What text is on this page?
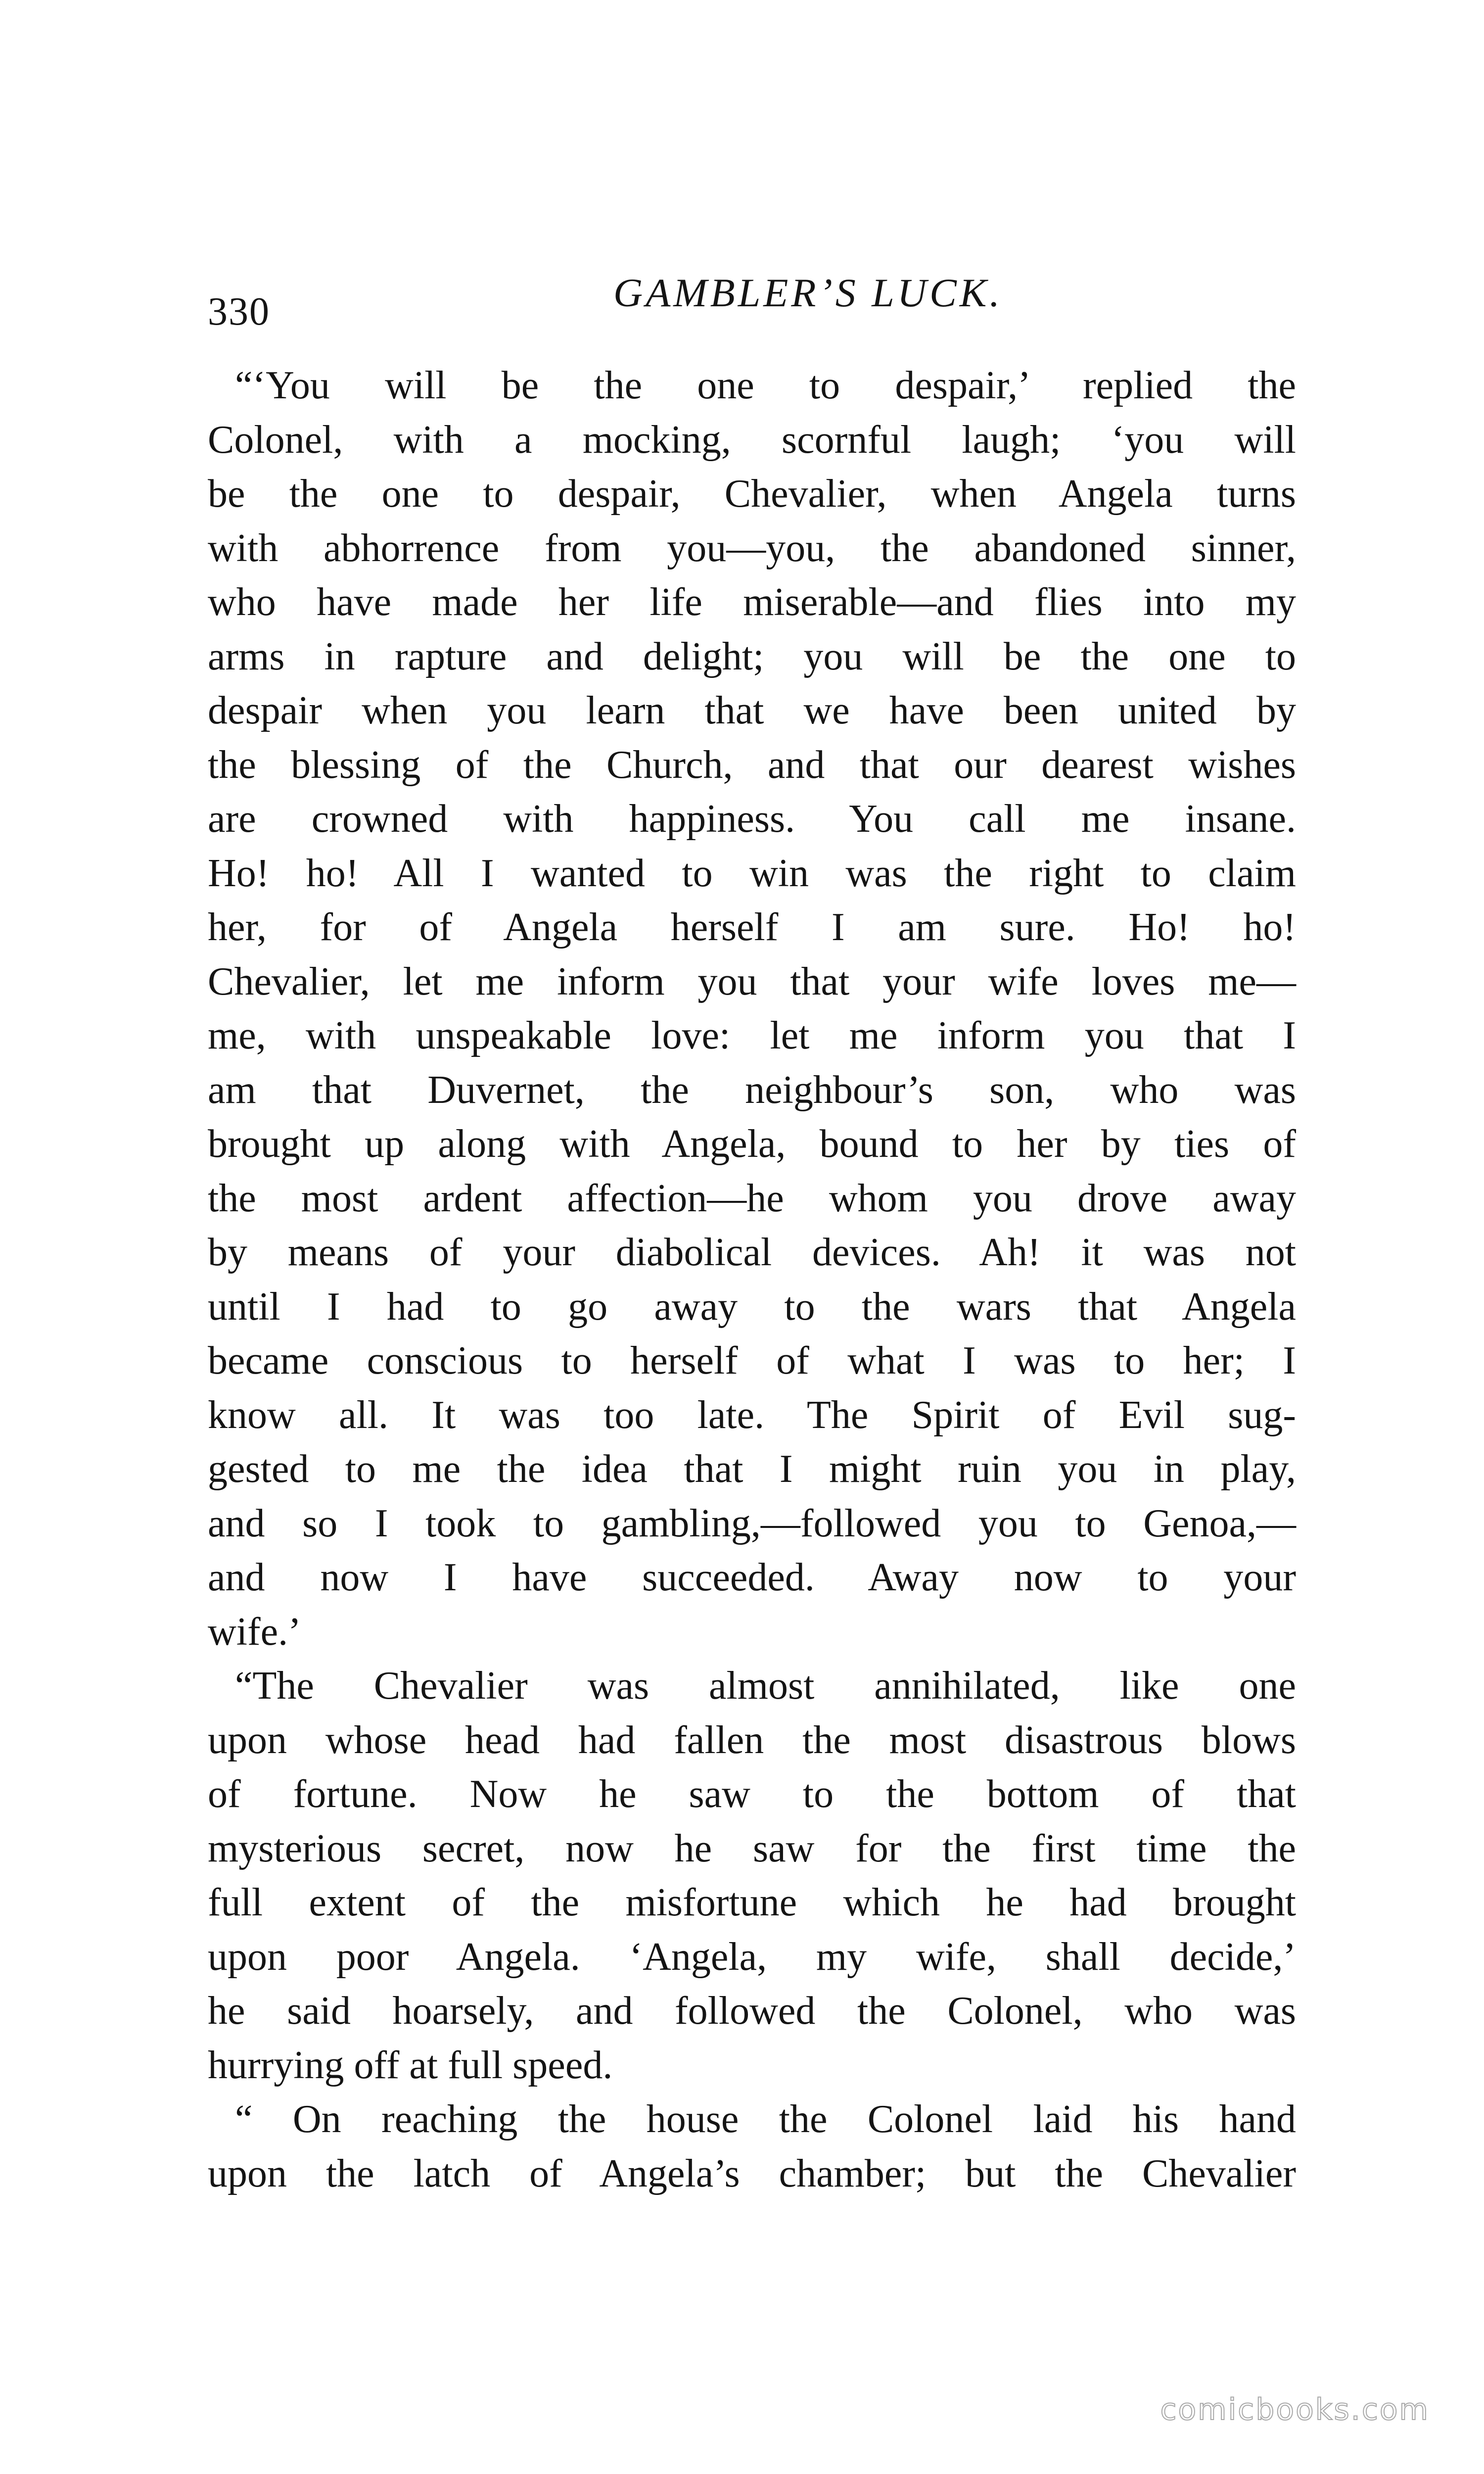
330	GAMBLER’S LUCK.
“‘You will be the one to despair,’ replied the
Colonel, with a mocking, scornful laugh; ‘you will
be the one to despair, Chevalier, when Angela turns
with abhorrence from you—you, the abandoned sinner,
who have made her life miserable—and flies into my
arms in rapture and delight; you will be the one to
despair when you learn that we have been united by
the blessing of the Church, and that our dearest wishes
are crowned with happiness. You call me insane.
Ho! ho! All I wanted to win was the right to claim
her, for of Angela herself I am sure. Ho! ho!
Chevalier, let me inform you that your wife loves me—
me, with unspeakable love: let me inform you that I
am that Duvernet, the neighbour’s son, who was
brought up along with Angela, bound to her by ties of
the most ardent affection—he whom you drove away
by means of your diabolical devices. Ah! it was not
until I had to go away to the wars that Angela
became conscious to herself of what I was to her; I
know all. It was too late. The Spirit of Evil sug-
gested to me the idea that I might ruin you in play,
and so I took to gambling,—followed you to Genoa,—
and now I have succeeded. Away now to your
wife.’
“The Chevalier was almost annihilated, like one
upon whose head had fallen the most disastrous blows
of fortune. Now he saw to the bottom of that
mysterious secret, now he saw for the first time the
full extent of the misfortune which he had brought
upon poor Angela. ‘Angela, my wife, shall decide,’
he said hoarsely, and followed the Colonel, who was
hurrying off at full speed.
“ On reaching the house the Colonel laid his hand
upon the latch of Angela’s chamber; but the Chevalier
comicbooks.com
